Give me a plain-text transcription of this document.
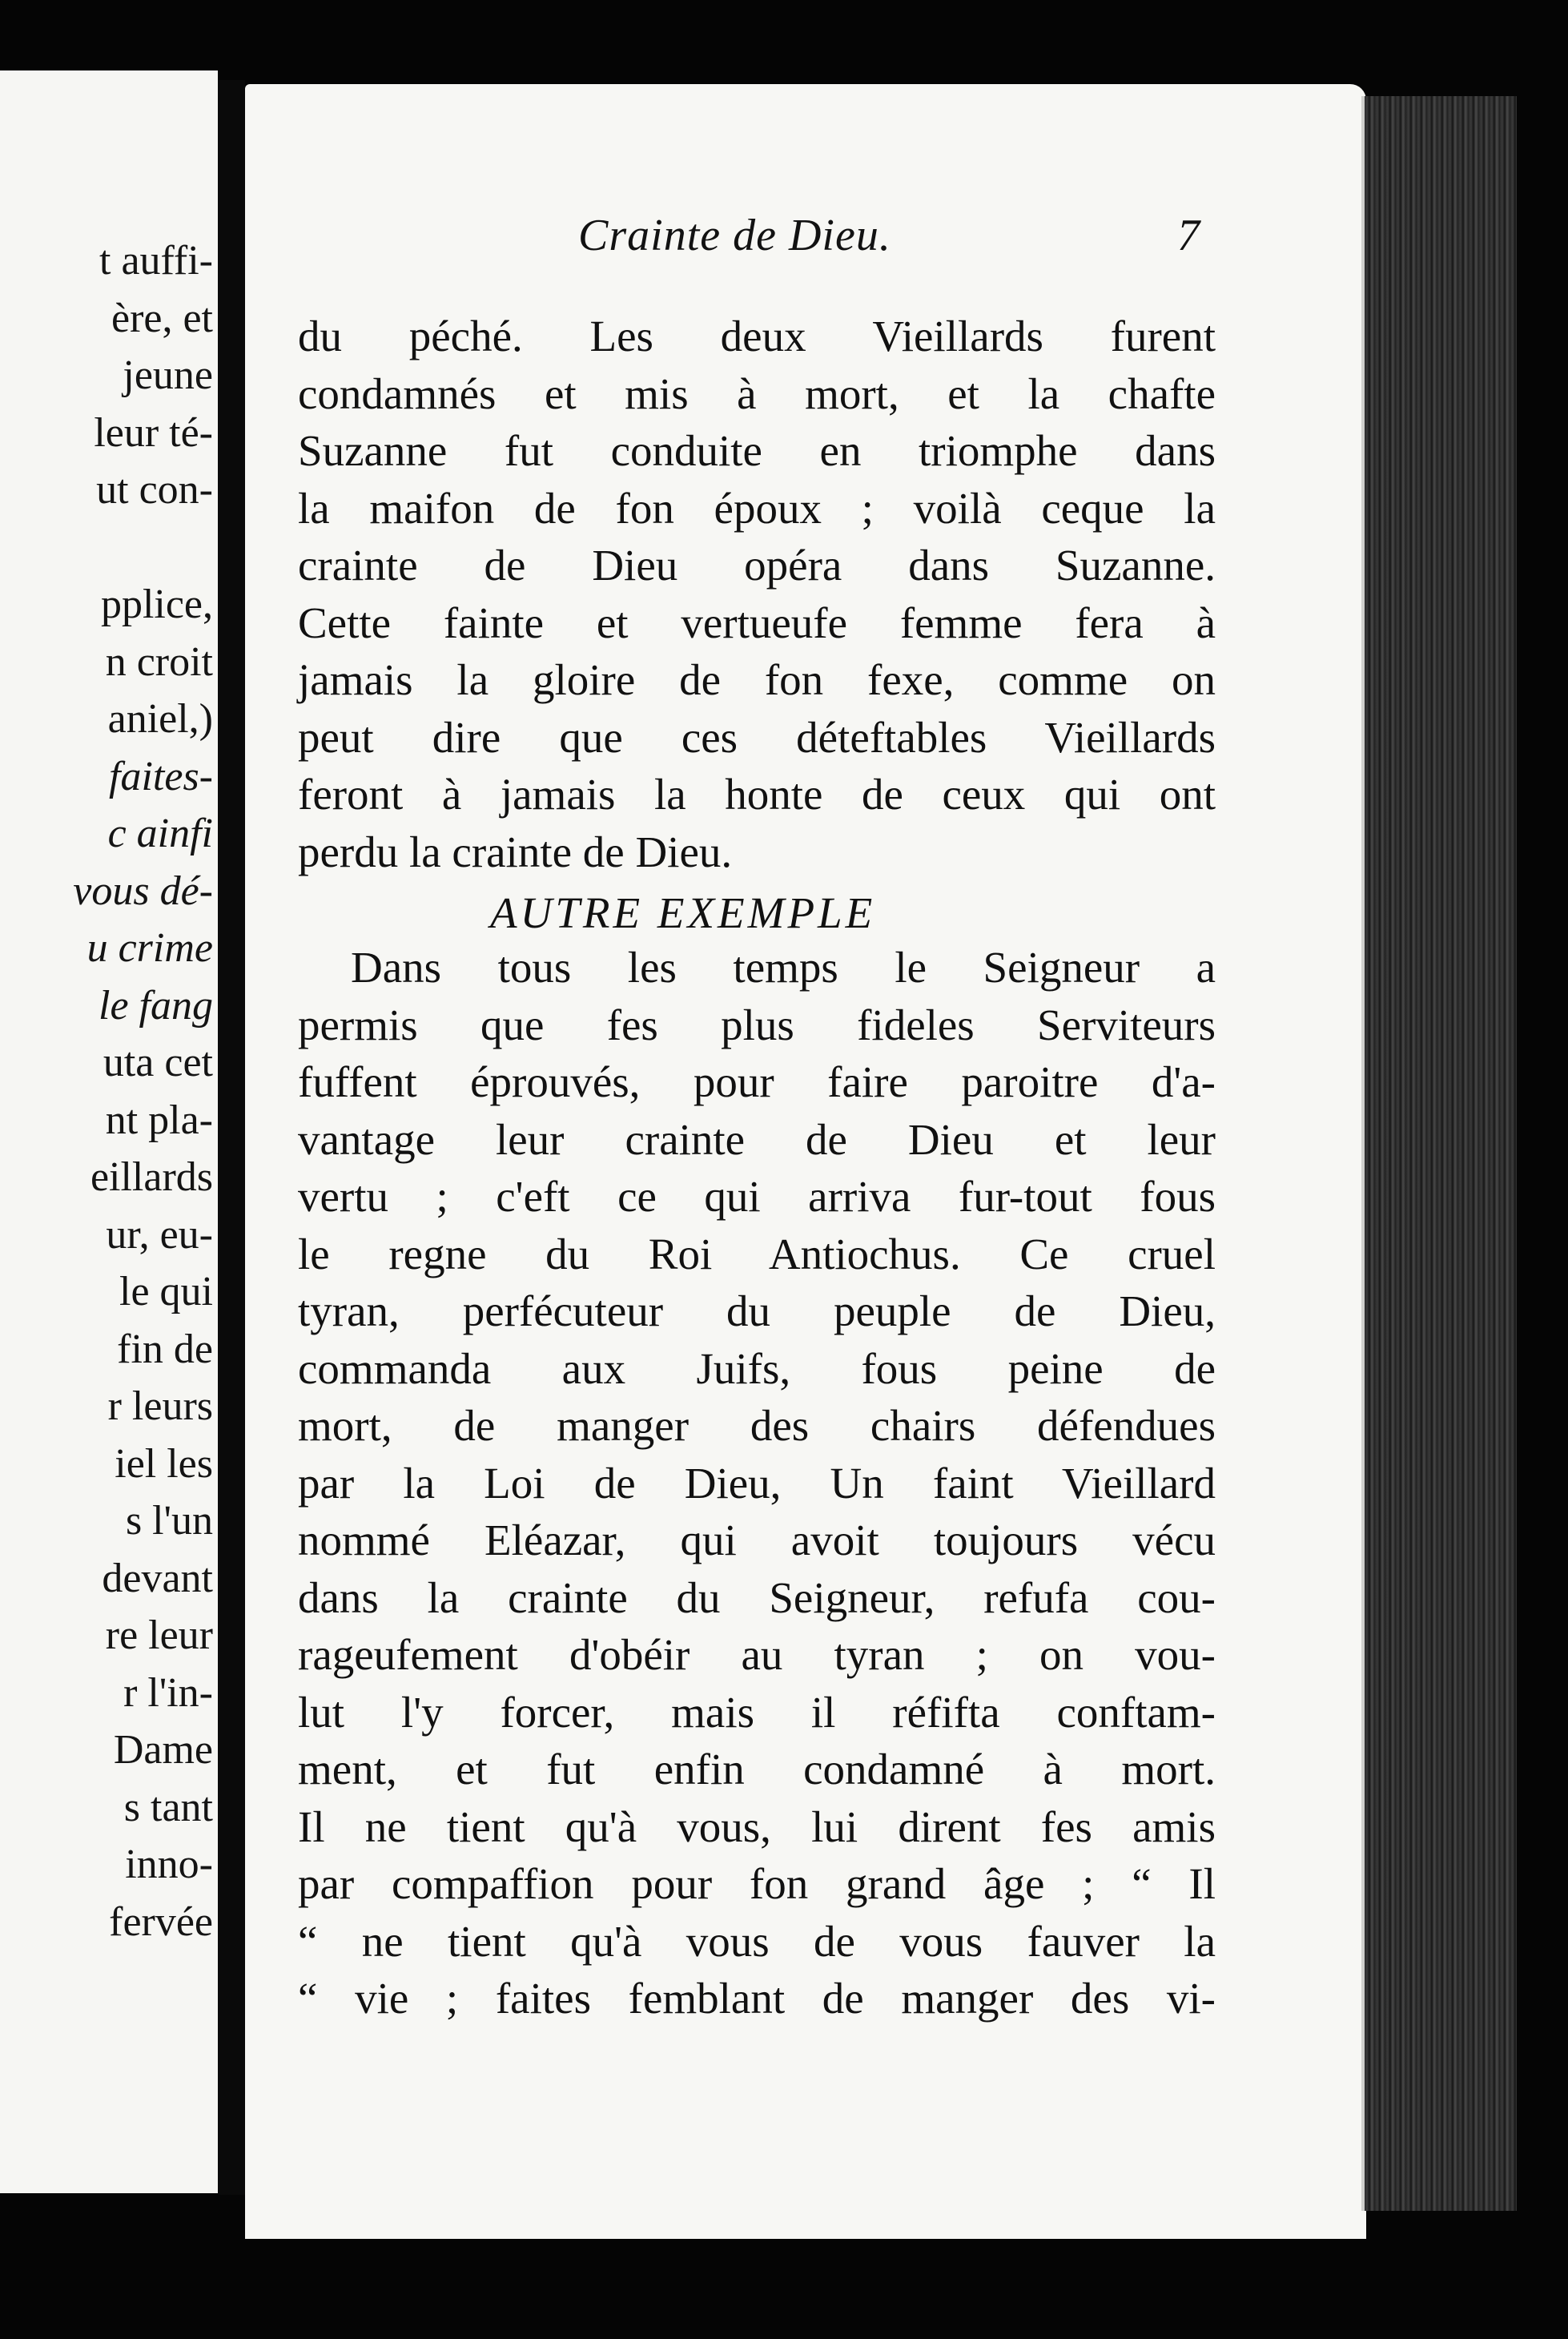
t auffi-
ère, et
jeune
leur té-
ut con-
pplice,
n croit
aniel,)
faites-
c ainfi
vous dé-
u crime
le fang
uta cet
nt pla-
eillards
ur, eu-
le qui
fin de
r leurs
iel les
s l'un
devant
re leur
r l'in-
Dame
s tant
inno-
fervée
Crainte de Dieu.	7
du péché. Les deux Vieillards furent
condamnés et mis à mort, et la chafte
Suzanne fut conduite en triomphe dans
la maifon de fon époux ; voilà ceque la
crainte de Dieu opéra dans Suzanne.
Cette fainte et vertueufe femme fera à
jamais la gloire de fon fexe, comme on
peut dire que ces déteftables Vieillards
feront à jamais la honte de ceux qui ont
perdu la crainte de Dieu.
AUTRE EXEMPLE
Dans tous les temps le Seigneur a
permis que fes plus fideles Serviteurs
fuffent éprouvés, pour faire paroitre d'a-
vantage leur crainte de Dieu et leur
vertu ; c'eft ce qui arriva fur-tout fous
le regne du Roi Antiochus. Ce cruel
tyran, perfécuteur du peuple de Dieu,
commanda aux Juifs, fous peine de
mort, de manger des chairs défendues
par la Loi de Dieu, Un faint Vieillard
nommé Eléazar, qui avoit toujours vécu
dans la crainte du Seigneur, refufa cou-
rageufement d'obéir au tyran ; on vou-
lut l'y forcer, mais il réfifta conftam-
ment, et fut enfin condamné à mort.
Il ne tient qu'à vous, lui dirent fes amis
par compaffion pour fon grand âge ; “ Il
“ ne tient qu'à vous de vous fauver la
“ vie ; faites femblant de manger des vi-
